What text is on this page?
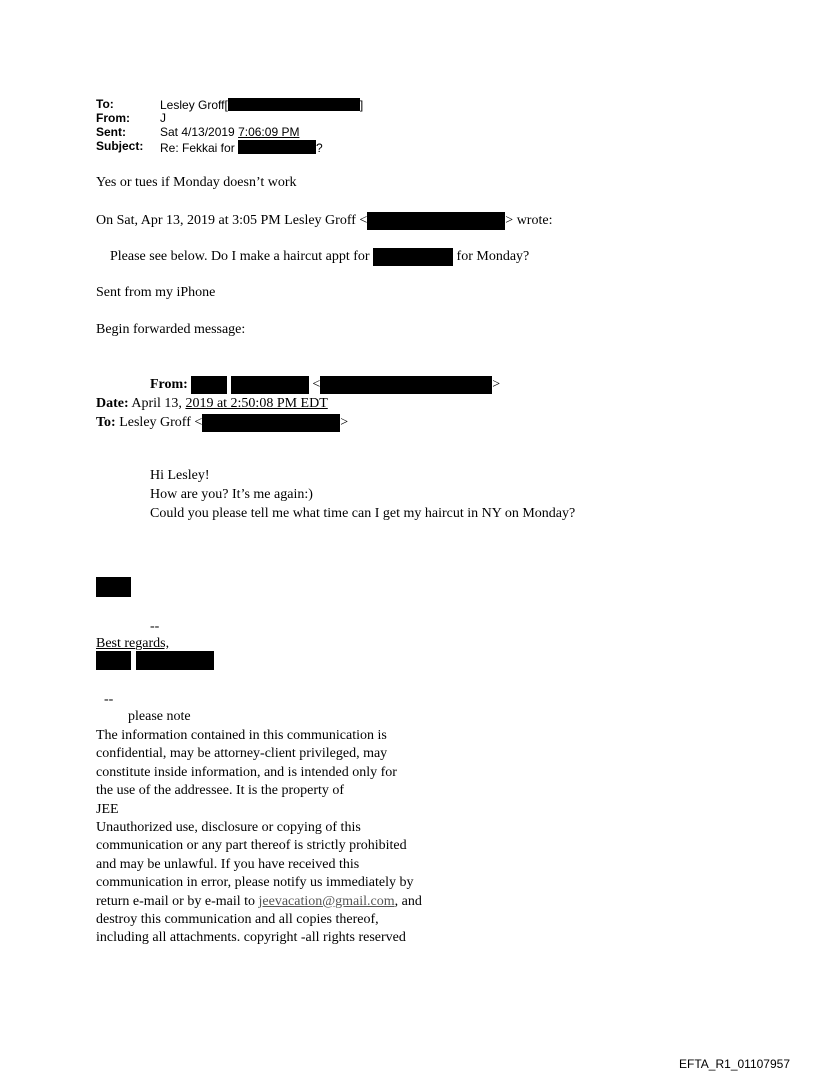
To:	Lesley Groff[	]
From:	J
Sent:	Sat 4/13/2019 7:06:09 PM
Subject: Re: Fekkai for	?
Yes or tues if Monday doesn’t work
On Sat, Apr 13, 2019 at 3:05 PM Lesley Groff <	> wrote:
Please see below. Do I make a haircut appt for	for Monday?
Sent from my iPhone
Begin forwarded message:
From:	<	>
Date: April 13, 2019 at 2:50:08 PM EDT
To: Lesley Groff <	>
Hi Lesley!
How are you? It’s me again:)
Could you please tell me what time can I get my haircut in NY on Monday?
--
Best regards,
--
please note
The information contained in this communication is
confidential, may be attorney-client privileged, may
constitute inside information, and is intended only for
the use of the addressee. It is the property of
JEE
Unauthorized use, disclosure or copying of this
communication or any part thereof is strictly prohibited
and may be unlawful. If you have received this
communication in error, please notify us immediately by
return e-mail or by e-mail to jeevacation@gmail.com, and
destroy this communication and all copies thereof,
including all attachments. copyright -all rights reserved
EFTA_R1_01107957
